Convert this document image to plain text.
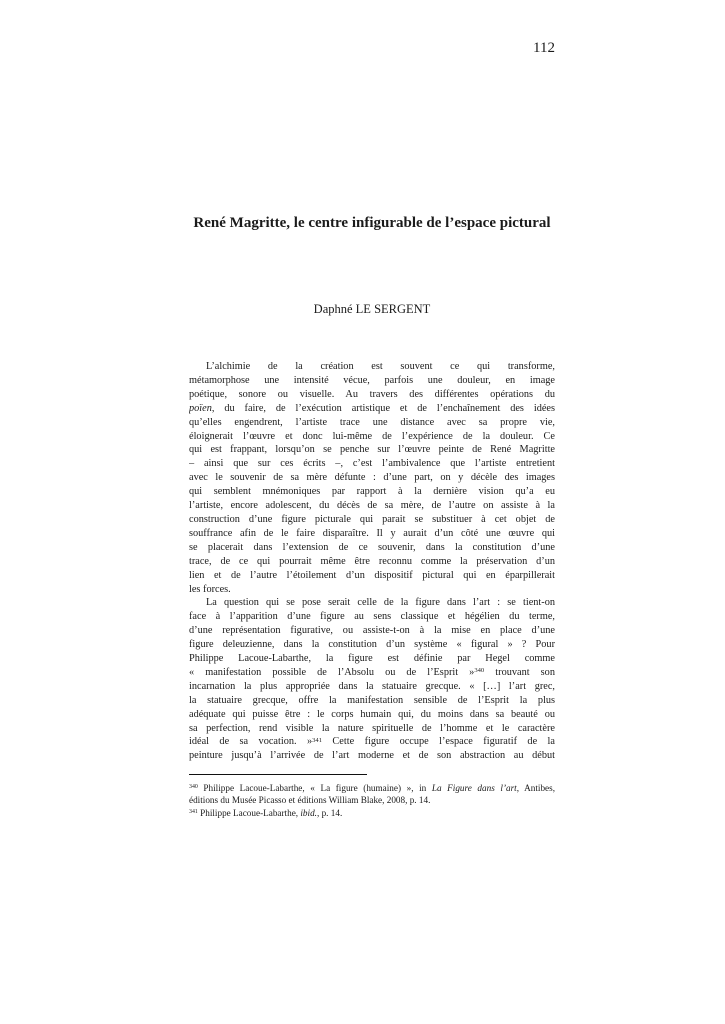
112
René Magritte, le centre infigurable de l’espace pictural
Daphné LE SERGENT
L’alchimie de la création est souvent ce qui transforme,
métamorphose une intensité vécue, parfois une douleur, en image
poétique, sonore ou visuelle. Au travers des différentes opérations du
poïen, du faire, de l’exécution artistique et de l’enchaînement des idées
qu’elles engendrent, l’artiste trace une distance avec sa propre vie,
éloignerait l’œuvre et donc lui-même de l’expérience de la douleur. Ce
qui est frappant, lorsqu’on se penche sur l’œuvre peinte de René Magritte
– ainsi que sur ces écrits –, c’est l’ambivalence que l’artiste entretient
avec le souvenir de sa mère défunte : d’une part, on y décèle des images
qui semblent mnémoniques par rapport à la dernière vision qu’a eu
l’artiste, encore adolescent, du décès de sa mère, de l’autre on assiste à la
construction d’une figure picturale qui parait se substituer à cet objet de
souffrance afin de le faire disparaître. Il y aurait d’un côté une œuvre qui
se placerait dans l’extension de ce souvenir, dans la constitution d’une
trace, de ce qui pourrait même être reconnu comme la préservation d’un
lien et de l’autre l’étoilement d’un dispositif pictural qui en éparpillerait
les forces.
La question qui se pose serait celle de la figure dans l’art : se tient-on
face à l’apparition d’une figure au sens classique et hégélien du terme,
d’une représentation figurative, ou assiste-t-on à la mise en place d’une
figure deleuzienne, dans la constitution d’un système « figural » ? Pour
Philippe Lacoue-Labarthe, la figure est définie par Hegel comme
« manifestation possible de l’Absolu ou de l’Esprit »$^{340}$ trouvant son
incarnation la plus appropriée dans la statuaire grecque. « […] l’art grec,
la statuaire grecque, offre la manifestation sensible de l’Esprit la plus
adéquate qui puisse être : le corps humain qui, du moins dans sa beauté ou
sa perfection, rend visible la nature spirituelle de l’homme et le caractère
idéal de sa vocation. »$^{341}$ Cette figure occupe l’espace figuratif de la
peinture jusqu’à l’arrivée de l’art moderne et de son abstraction au début
$^{340}$ Philippe Lacoue-Labarthe, « La figure (humaine) », in La Figure dans l’art, Antibes,
éditions du Musée Picasso et éditions William Blake, 2008, p. 14.
$^{341}$ Philippe Lacoue-Labarthe, ibid., p. 14.
